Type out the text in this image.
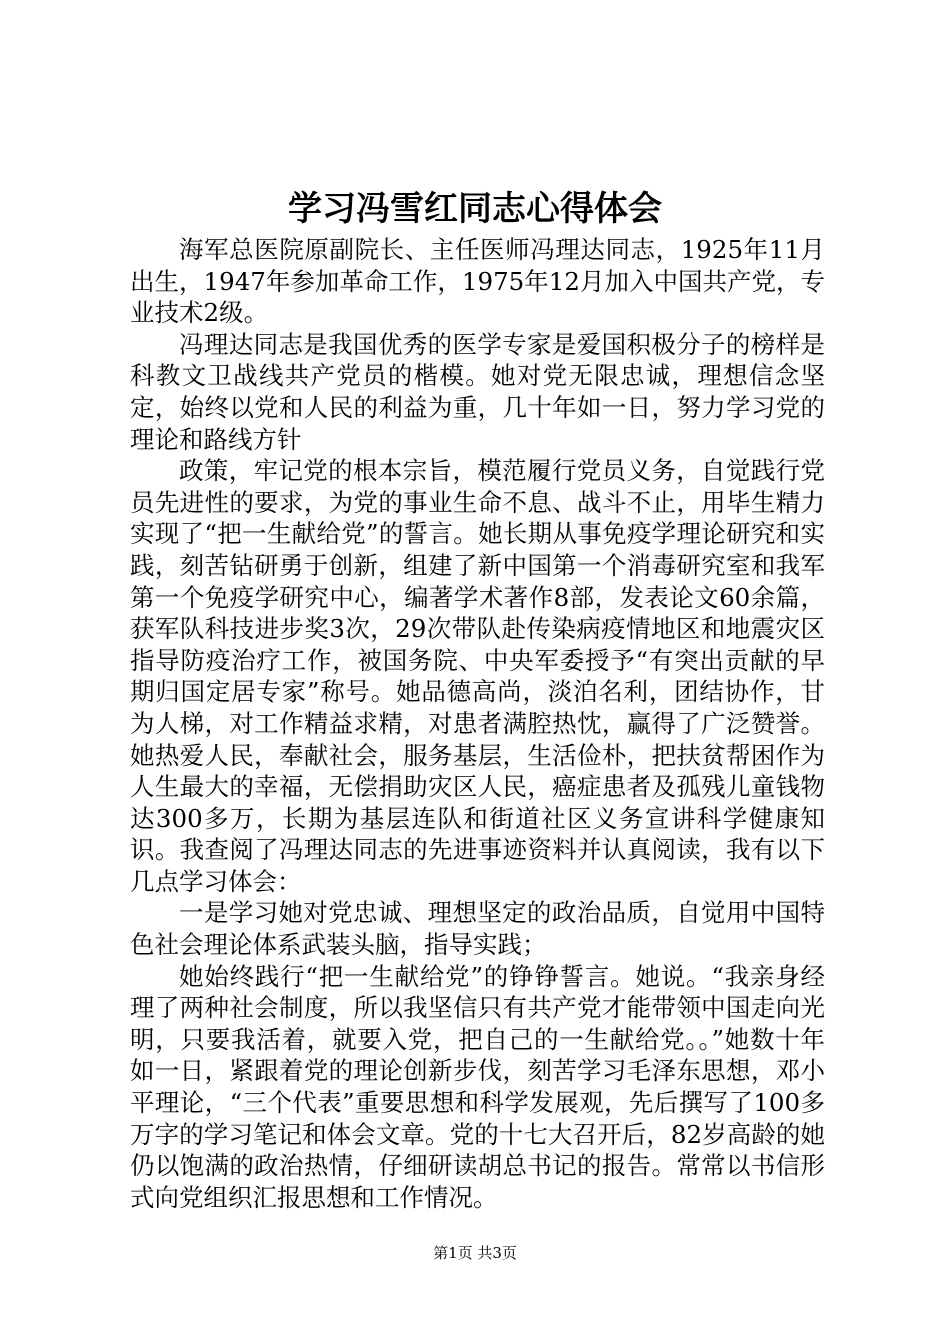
学习冯雪红同志心得体会

海军总医院原副院长、主任医师冯理达同志，1925年11月出生，1947年参加革命工作，1975年12月加入中国共产党，专业技术2级。

冯理达同志是我国优秀的医学专家是爱国积极分子的榜样是科教文卫战线共产党员的楷模。她对党无限忠诚，理想信念坚定，始终以党和人民的利益为重，几十年如一日，努力学习党的理论和路线方针

政策，牢记党的根本宗旨，模范履行党员义务，自觉践行党员先进性的要求，为党的事业生命不息、战斗不止，用毕生精力实现了“把一生献给党”的誓言。她长期从事免疫学理论研究和实践，刻苦钻研勇于创新，组建了新中国第一个消毒研究室和我军第一个免疫学研究中心，编著学术著作8部，发表论文60余篇，获军队科技进步奖3次，29次带队赴传染病疫情地区和地震灾区指导防疫治疗工作，被国务院、中央军委授予“有突出贡献的早期归国定居专家”称号。她品德高尚，淡泊名利，团结协作，甘为人梯，对工作精益求精，对患者满腔热忱，赢得了广泛赞誉。她热爱人民，奉献社会，服务基层，生活俭朴，把扶贫帮困作为人生最大的幸福，无偿捐助灾区人民，癌症患者及孤残儿童钱物达300多万，长期为基层连队和街道社区义务宣讲科学健康知识。我查阅了冯理达同志的先进事迹资料并认真阅读，我有以下几点学习体会：

一是学习她对党忠诚、理想坚定的政治品质，自觉用中国特色社会理论体系武装头脑，指导实践；

她始终践行“把一生献给党”的铮铮誓言。她说。“我亲身经理了两种社会制度，所以我坚信只有共产党才能带领中国走向光明，只要我活着，就要入党，把自己的一生献给党。。”她数十年如一日，紧跟着党的理论创新步伐，刻苦学习毛泽东思想，邓小平理论，“三个代表”重要思想和科学发展观，先后撰写了100多万字的学习笔记和体会文章。党的十七大召开后，82岁高龄的她仍以饱满的政治热情，仔细研读胡总书记的报告。常常以书信形式向党组织汇报思想和工作情况。

第1页 共3页
